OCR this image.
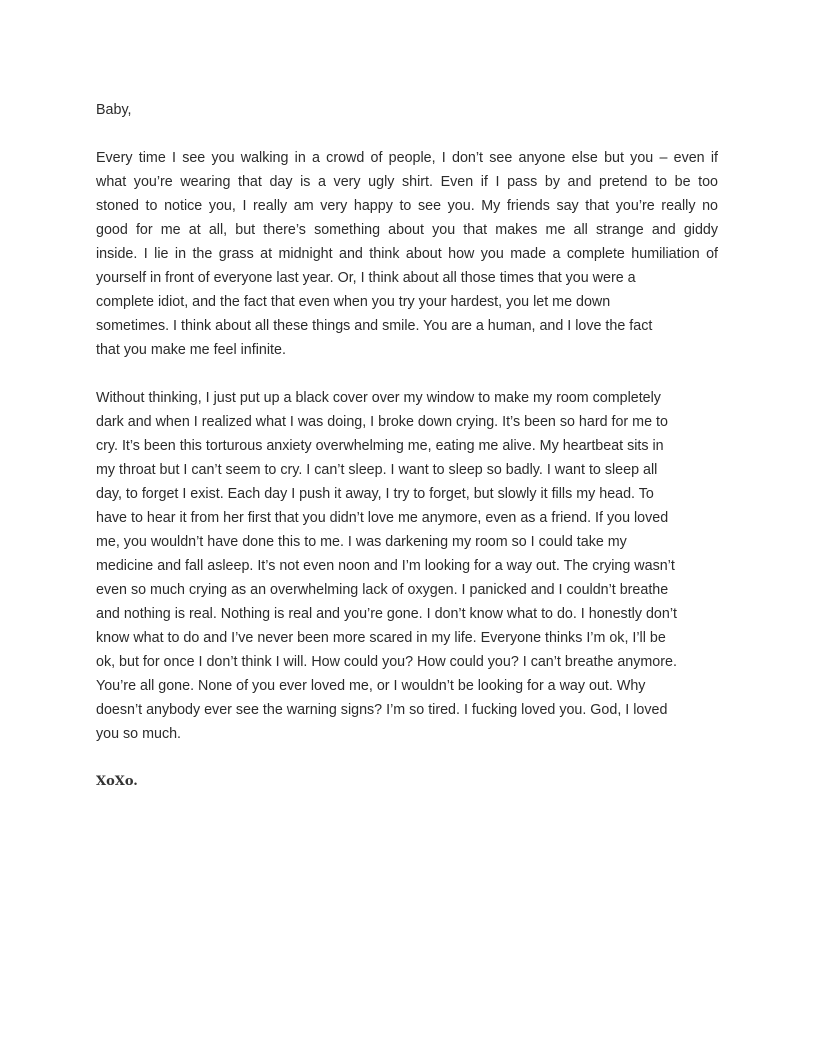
Baby,
Every time I see you walking in a crowd of people, I don’t see anyone else but you – even if
what you’re wearing that day is a very ugly shirt. Even if I pass by and pretend to be too
stoned to notice you, I really am very happy to see you. My friends say that you’re really no
good for me at all, but there’s something about you that makes me all strange and giddy
inside. I lie in the grass at midnight and think about how you made a complete humiliation of
yourself in front of everyone last year. Or, I think about all those times that you were a
complete idiot, and the fact that even when you try your hardest, you let me down
sometimes. I think about all these things and smile. You are a human, and I love the fact
that you make me feel infinite.
Without thinking, I just put up a black cover over my window to make my room completely
dark and when I realized what I was doing, I broke down crying. It’s been so hard for me to
cry. It’s been this torturous anxiety overwhelming me, eating me alive. My heartbeat sits in
my throat but I can’t seem to cry. I can’t sleep. I want to sleep so badly. I want to sleep all
day, to forget I exist. Each day I push it away, I try to forget, but slowly it fills my head. To
have to hear it from her first that you didn’t love me anymore, even as a friend. If you loved
me, you wouldn’t have done this to me. I was darkening my room so I could take my
medicine and fall asleep. It’s not even noon and I’m looking for a way out. The crying wasn’t
even so much crying as an overwhelming lack of oxygen. I panicked and I couldn’t breathe
and nothing is real. Nothing is real and you’re gone. I don’t know what to do. I honestly don’t
know what to do and I’ve never been more scared in my life. Everyone thinks I’m ok, I’ll be
ok, but for once I don’t think I will. How could you? How could you? I can’t breathe anymore.
You’re all gone. None of you ever loved me, or I wouldn’t be looking for a way out. Why
doesn’t anybody ever see the warning signs? I’m so tired. I fucking loved you. God, I loved
you so much.
XoXo.
